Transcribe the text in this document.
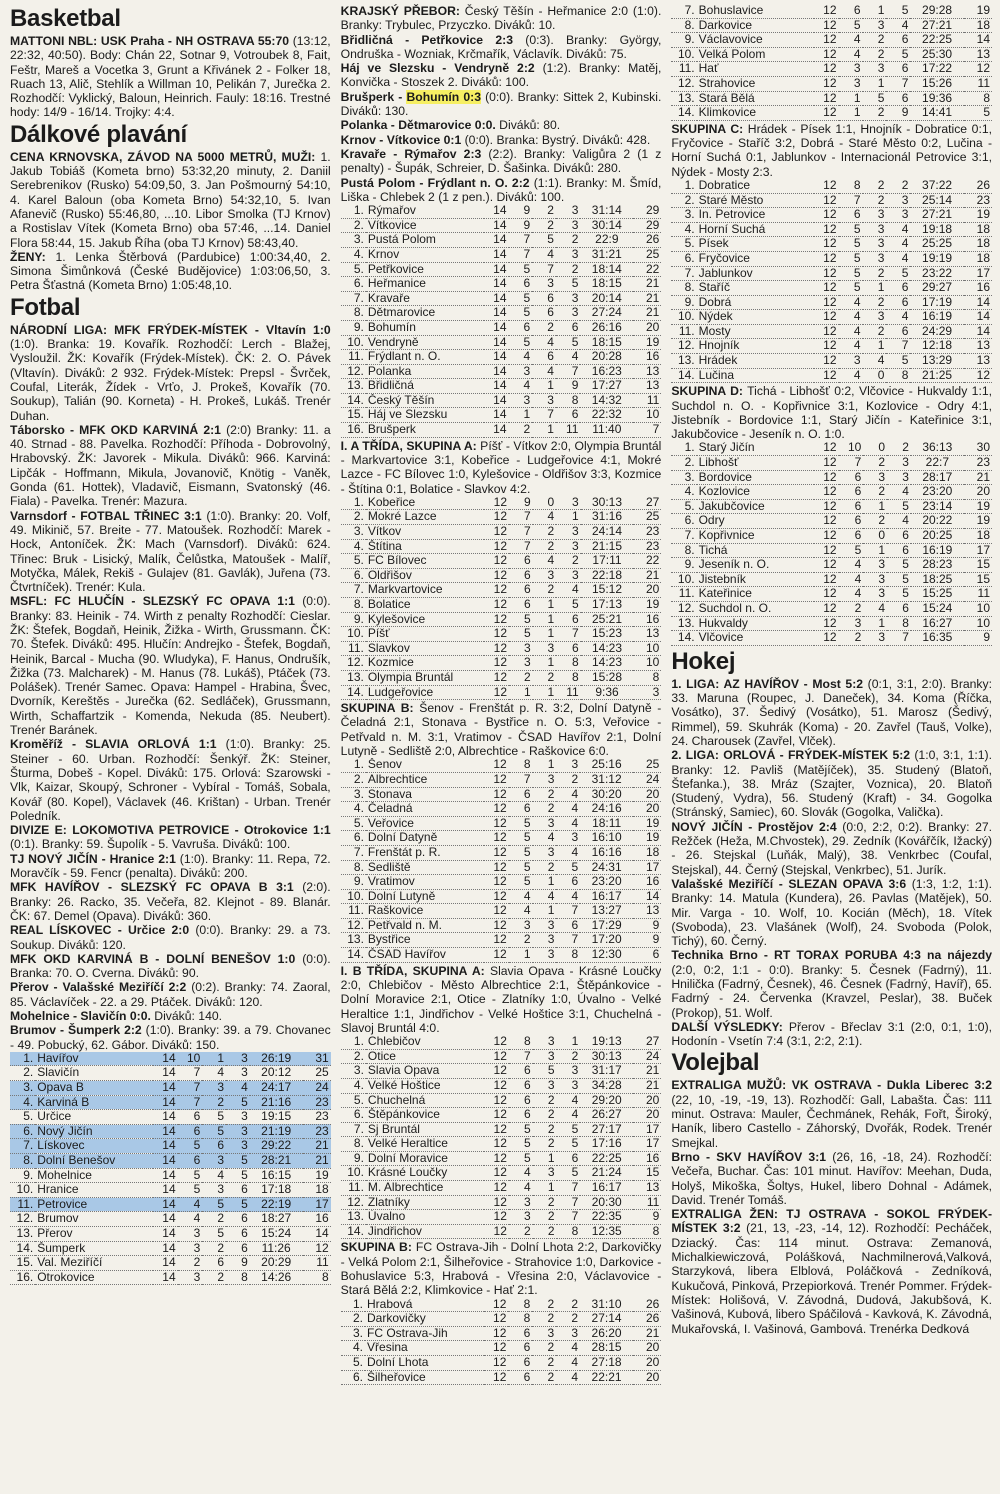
Basketbal

MATTONI NBL: USK Praha - NH OSTRAVA 55:70 (13:12, 22:32, 40:50). Body: Chán 22, Sotnar 9, Votroubek 8, Fait, Feštr, Mareš a Vocetka 3, Grunt a Křivánek 2 - Folker 18, Ruach 13, Alič, Stehlík a Willman 10, Pelikán 7, Jurečka 2. Rozhodčí: Vyklický, Baloun, Heinrich. Fauly: 18:16. Trestné hody: 14/9 - 16/14. Trojky: 4:4.

Dálkové plavání

CENA KRNOVSKA, ZÁVOD NA 5000 METRŮ, MUŽI: 1. Jakub Tobiáš (Kometa brno) 53:32,20 minuty, 2. Daniil Serebrenikov (Rusko) 54:09,50, 3. Jan Pošmourný 54:10, 4. Karel Baloun (oba Kometa Brno) 54:32,10, 5. Ivan Afanevič (Rusko) 55:46,80, ...10. Libor Smolka (TJ Krnov) a Rostislav Vítek (Kometa Brno) oba 57:46, ...14. Daniel Flora 58:44, 15. Jakub Říha (oba TJ Krnov) 58:43,40.

ŽENY: 1. Lenka Štěrbová (Pardubice) 1:00:34,40, 2. Simona Šimůnková (České Budějovice) 1:03:06,50, 3. Petra Šťastná (Kometa Brno) 1:05:48,10.

Fotbal

NÁRODNÍ LIGA: MFK FRÝDEK-MÍSTEK - Vltavín 1:0 (1:0). Branka: 19. Kovařík. Rozhodčí: Lerch - Blažej, Vysloužil. ŽK: Kovařík (Frýdek-Místek). ČK: 2. O. Pávek (Vltavín). Diváků: 2 932. Frýdek-Místek: Prepsl - Švrček, Coufal, Literák, Žídek - Vrťo, J. Prokeš, Kovařík (70. Soukup), Talián (90. Korneta) - H. Prokeš, Lukáš. Trenér Duhan.

Táborsko - MFK OKD KARVINÁ 2:1 (2:0) Branky: 11. a 40. Strnad - 88. Pavelka. Rozhodčí: Příhoda - Dobrovolný, Hrabovský. ŽK: Javorek - Mikula. Diváků: 966. Karviná: Lipčák - Hoffmann, Mikula, Jovanovič, Knötig - Vaněk, Gonda (61. Hottek), Vladavič, Eismann, Svatonský (46. Fiala) - Pavelka. Trenér: Mazura.

Varnsdorf - FOTBAL TŘINEC 3:1 (1:0). Branky: 20. Volf, 49. Mikinič, 57. Breite - 77. Matoušek. Rozhodčí: Marek - Hock, Antoníček. ŽK: Mach (Varnsdorf). Diváků: 624. Třinec: Bruk - Lisický, Malík, Čelůstka, Matoušek - Malíř, Motyčka, Málek, Rekiš - Gulajev (81. Gavlák), Juřena (73. Čtvrtníček). Trenér: Kula.

MSFL: FC HLUČÍN - SLEZSKÝ FC OPAVA 1:1 (0:0). Branky: 83. Heinik - 74. Wirth z penalty Rozhodčí: Cieslar. ŽK: Štefek, Bogdaň, Heinik, Žižka - Wirth, Grussmann. ČK: 70. Štefek. Diváků: 495. Hlučín: Andrejko - Štefek, Bogdaň, Heinik, Barcal - Mucha (90. Wludyka), F. Hanus, Ondrušík, Žižka (73. Malcharek) - M. Hanus (78. Lukáš), Ptáček (73. Polášek). Trenér Samec. Opava: Hampel - Hrabina, Švec, Dvorník, Kereštěs - Jurečka (62. Sedláček), Grussmann, Wirth, Schaffartzik - Komenda, Nekuda (85. Neubert). Trenér Baránek.

Kroměříž - SLAVIA ORLOVÁ 1:1 (1:0). Branky: 25. Steiner - 60. Urban. Rozhodčí: Šenkýř. ŽK: Steiner, Šturma, Dobeš - Kopel. Diváků: 175. Orlová: Szarowski - Vlk, Kaizar, Skoupý, Schroner - Vybíral - Tomáš, Sobala, Kovář (80. Kopel), Václavek (46. Krištan) - Urban. Trenér Poledník.

DIVIZE E: LOKOMOTIVA PETROVICE - Otrokovice 1:1 (0:1). Branky: 59. Šupolík - 5. Vavruša. Diváků: 100.

TJ NOVÝ JIČÍN - Hranice 2:1 (1:0). Branky: 11. Repa, 72. Moravčík - 59. Fencr (penalta). Diváků: 200.

MFK HAVÍŘOV - SLEZSKÝ FC OPAVA B 3:1 (2:0). Branky: 26. Racko, 35. Večeřa, 82. Klejnot - 89. Blanár. ČK: 67. Demel (Opava). Diváků: 360.

REAL LÍSKOVEC - Určice 2:0 (0:0). Branky: 29. a 73. Soukup. Diváků: 120.

MFK OKD KARVINÁ B - DOLNÍ BENEŠOV 1:0 (0:0). Branka: 70. O. Cverna. Diváků: 90.

Přerov - Valašské Meziříčí 2:2 (0:2). Branky: 74. Zaoral, 85. Václavíček - 22. a 29. Ptáček. Diváků: 120.

Mohelnice - Slavičín 0:0. Diváků: 140.

Brumov - Šumperk 2:2 (1:0). Branky: 39. a 79. Chovanec - 49. Pobucký, 62. Gábor. Diváků: 150.

1.	Havířov	14	10	1	3	26:19	31
2.	Slavičín	14	7	4	3	20:12	25
3.	Opava B	14	7	3	4	24:17	24
4.	Karviná B	14	7	2	5	21:16	23
5.	Určice	14	6	5	3	19:15	23
6.	Nový Jičín	14	6	5	3	21:19	23
7.	Lískovec	14	5	6	3	29:22	21
8.	Dolní Benešov	14	6	3	5	28:21	21
9.	Mohelnice	14	5	4	5	16:15	19
10.	Hranice	14	5	3	6	17:18	18
11.	Petrovice	14	4	5	5	22:19	17
12.	Brumov	14	4	2	6	18:27	16
13.	Přerov	14	3	5	6	15:24	14
14.	Šumperk	14	3	2	6	11:26	12
15.	Val. Meziříčí	14	2	6	9	20:29	11
16.	Otrokovice	14	3	2	8	14:26	8

KRAJSKÝ PŘEBOR: Český Těšín - Heřmanice 2:0 (1:0). Branky: Trybulec, Przyczko. Diváků: 10.

Břidličná - Petřkovice 2:3 (0:3). Branky: György, Ondruška - Wozniak, Krčmařík, Václavík. Diváků: 75.

Háj ve Slezsku - Vendryně 2:2 (1:2). Branky: Matěj, Konvička - Stoszek 2. Diváků: 100.

Brušperk - Bohumín 0:3 (0:0). Branky: Sittek 2, Kubinski. Diváků: 130.

Polanka - Dětmarovice 0:0. Diváků: 80.

Krnov - Vítkovice 0:1 (0:0). Branka: Bystrý. Diváků: 428.

Kravaře - Rýmařov 2:3 (2:2). Branky: Valigůra 2 (1 z penalty) - Šupák, Schreier, D. Šašinka. Diváků: 280.

Pustá Polom - Frýdlant n. O. 2:2 (1:1). Branky: M. Šmíd, Liška - Chlebek 2 (1 z pen.). Diváků: 100.

1.	Rýmařov	14	9	2	3	31:14	29
2.	Vítkovice	14	9	2	3	30:14	29
3.	Pustá Polom	14	7	5	2	22:9	26
4.	Krnov	14	7	4	3	31:21	25
5.	Petřkovice	14	5	7	2	18:14	22
6.	Heřmanice	14	6	3	5	18:15	21
7.	Kravaře	14	5	6	3	20:14	21
8.	Dětmarovice	14	5	6	3	27:24	21
9.	Bohumín	14	6	2	6	26:16	20
10.	Vendryně	14	5	4	5	18:15	19
11.	Frýdlant n. O.	14	4	6	4	20:28	16
12.	Polanka	14	3	4	7	16:23	13
13.	Břidličná	14	4	1	9	17:27	13
14.	Český Těšín	14	3	3	8	14:32	11
15.	Háj ve Slezsku	14	1	7	6	22:32	10
16.	Brušperk	14	2	1	11	11:40	7

I. A TŘÍDA, SKUPINA A: Píšť - Vítkov 2:0, Olympia Bruntál - Markvartovice 3:1, Kobeřice - Ludgeřovice 4:1, Mokré Lazce - FC Bílovec 1:0, Kylešovice - Oldřišov 3:3, Kozmice - Štítina 0:1, Bolatice - Slavkov 4:2.

1.	Kobeřice	12	9	0	3	30:13	27
2.	Mokré Lazce	12	7	4	1	31:16	25
3.	Vítkov	12	7	2	3	24:14	23
4.	Štítina	12	7	2	3	21:15	23
5.	FC Bílovec	12	6	4	2	17:11	22
6.	Oldřišov	12	6	3	3	22:18	21
7.	Markvartovice	12	6	2	4	15:12	20
8.	Bolatice	12	6	1	5	17:13	19
9.	Kylešovice	12	5	1	6	25:21	16
10.	Píšť	12	5	1	7	15:23	13
11.	Slavkov	12	3	3	6	14:23	10
12.	Kozmice	12	3	1	8	14:23	10
13.	Olympia Bruntál	12	2	2	8	15:28	8
14.	Ludgeřovice	12	1	1	11	9:36	3

SKUPINA B: Šenov - Frenštát p. R. 3:2, Dolní Datyně - Čeladná 2:1, Stonava - Bystřice n. O. 5:3, Veřovice - Petřvald n. M. 3:1, Vratimov - ČSAD Havířov 2:1, Dolní Lutyně - Sedliště 2:0, Albrechtice - Raškovice 6:0.

1.	Šenov	12	8	1	3	25:16	25
2.	Albrechtice	12	7	3	2	31:12	24
3.	Stonava	12	6	2	4	30:20	20
4.	Čeladná	12	6	2	4	24:16	20
5.	Veřovice	12	5	3	4	18:11	19
6.	Dolní Datyně	12	5	4	3	16:10	19
7.	Frenštát p. R.	12	5	3	4	16:16	18
8.	Sedliště	12	5	2	5	24:31	17
9.	Vratimov	12	5	1	6	23:20	16
10.	Dolní Lutyně	12	4	4	4	16:17	14
11.	Raškovice	12	4	1	7	13:27	13
12.	Petřvald n. M.	12	3	3	6	17:29	9
13.	Bystřice	12	2	3	7	17:20	9
14.	ČSAD Havířov	12	1	3	8	12:30	6

I. B TŘÍDA, SKUPINA A: Slavia Opava - Krásné Loučky 2:0, Chlebičov - Město Albrechtice 2:1, Štěpánkovice - Dolní Moravice 2:1, Otice - Zlatníky 1:0, Úvalno - Velké Heraltice 1:1, Jindřichov - Velké Hoštice 3:1, Chuchelná - Slavoj Bruntál 4:0.

1.	Chlebičov	12	8	3	1	19:13	27
2.	Otice	12	7	3	2	30:13	24
3.	Slavia Opava	12	6	5	3	31:17	21
4.	Velké Hoštice	12	6	3	3	34:28	21
5.	Chuchelná	12	6	2	4	29:20	20
6.	Štěpánkovice	12	6	2	4	26:27	20
7.	Sj Bruntál	12	5	2	5	27:17	17
8.	Velké Heraltice	12	5	2	5	17:16	17
9.	Dolní Moravice	12	5	1	6	22:25	16
10.	Krásné Loučky	12	4	3	5	21:24	15
11.	M. Albrechtice	12	4	1	7	16:17	13
12.	Zlatníky	12	3	2	7	20:30	11
13.	Úvalno	12	3	2	7	22:35	9
14.	Jindřichov	12	2	2	8	12:35	8

SKUPINA B: FC Ostrava-Jih - Dolní Lhota 2:2, Darkovičky - Velká Polom 2:1, Šilheřovice - Strahovice 1:0, Darkovice - Bohuslavice 5:3, Hrabová - Vřesina 2:0, Václavovice - Stará Bělá 2:2, Klimkovice - Hať 2:1.

1.	Hrabová	12	8	2	2	31:10	26
2.	Darkovičky	12	8	2	2	27:14	26
3.	FC Ostrava-Jih	12	6	3	3	26:20	21
4.	Vřesina	12	6	2	4	28:15	20
5.	Dolní Lhota	12	6	2	4	27:18	20
6.	Šilheřovice	12	6	2	4	22:21	20
7.	Bohuslavice	12	6	1	5	29:28	19
8.	Darkovice	12	5	3	4	27:21	18
9.	Václavovice	12	4	2	6	22:25	14
10.	Velká Polom	12	4	2	5	25:30	13
11.	Hať	12	3	3	6	17:22	12
12.	Strahovice	12	3	1	7	15:26	11
13.	Stará Bělá	12	1	5	6	19:36	8
14.	Klimkovice	12	1	2	9	14:41	5

SKUPINA C: Hrádek - Písek 1:1, Hnojník - Dobratice 0:1, Fryčovice - Staříč 3:2, Dobrá - Staré Město 0:2, Lučina - Horní Suchá 0:1, Jablunkov - Internacionál Petrovice 3:1, Nýdek - Mosty 2:3.

1.	Dobratice	12	8	2	2	37:22	26
2.	Staré Město	12	7	2	3	25:14	23
3.	In. Petrovice	12	6	3	3	27:21	19
4.	Horní Suchá	12	5	3	4	19:18	18
5.	Písek	12	5	3	4	25:25	18
6.	Fryčovice	12	5	3	4	19:19	18
7.	Jablunkov	12	5	2	5	23:22	17
8.	Staříč	12	5	1	6	29:27	16
9.	Dobrá	12	4	2	6	17:19	14
10.	Nýdek	12	4	3	4	16:19	14
11.	Mosty	12	4	2	6	24:29	14
12.	Hnojník	12	4	1	7	12:18	13
13.	Hrádek	12	3	4	5	13:29	13
14.	Lučina	12	4	0	8	21:25	12

SKUPINA D: Tichá - Libhošť 0:2, Vlčovice - Hukvaldy 1:1, Suchdol n. O. - Kopřivnice 3:1, Kozlovice - Odry 4:1, Jistebník - Bordovice 1:1, Starý Jičín - Kateřinice 3:1, Jakubčovice - Jeseník n. O. 1:0.

1.	Starý Jičín	12	10	0	2	36:13	30
2.	Libhošť	12	7	2	3	22:7	23
3.	Bordovice	12	6	3	3	28:17	21
4.	Kozlovice	12	6	2	4	23:20	20
5.	Jakubčovice	12	6	1	5	23:14	19
6.	Odry	12	6	2	4	20:22	19
7.	Kopřivnice	12	6	0	6	20:25	18
8.	Tichá	12	5	1	6	16:19	17
9.	Jeseník n. O.	12	4	3	5	28:23	15
10.	Jistebník	12	4	3	5	18:25	15
11.	Kateřinice	12	4	3	5	15:25	11
12.	Suchdol n. O.	12	2	4	6	15:24	10
13.	Hukvaldy	12	3	1	8	16:27	10
14.	Vlčovice	12	2	3	7	16:35	9
Hokej

1. LIGA: AZ HAVÍŘOV - Most 5:2 (0:1, 3:1, 2:0). Branky: 33. Maruna (Roupec, J. Daneček), 34. Koma (Říčka, Vosátko), 37. Šedivý (Vosátko), 51. Marosz (Šedivý, Rimmel), 59. Skuhrák (Koma) - 20. Zavřel (Tauš, Volke), 24. Charousek (Zavřel, Vlček).

2. LIGA: ORLOVÁ - FRÝDEK-MÍSTEK 5:2 (1:0, 3:1, 1:1). Branky: 12. Pavliš (Matějíček), 35. Studený (Blatoň, Štefanka.), 38. Mráz (Szajter, Voznica), 20. Blatoň (Studený, Vydra), 56. Studený (Kraft) - 34. Gogolka (Stránský, Samiec), 60. Slovák (Gogolka, Valička).

NOVÝ JIČÍN - Prostějov 2:4 (0:0, 2:2, 0:2). Branky: 27. Režček (Heža, M.Chvostek), 29. Zedník (Kovářčík, Ižacký) - 26. Stejskal (Luňák, Malý), 38. Venkrbec (Coufal, Stejskal), 44. Černý (Stejskal, Venkrbec), 51. Jurík.

Valašské Meziříčí - SLEZAN OPAVA 3:6 (1:3, 1:2, 1:1). Branky: 14. Matula (Kundera), 26. Pavlas (Matějek), 50. Mir. Varga - 10. Wolf, 10. Kocián (Měch), 18. Vítek (Svoboda), 23. Vlašánek (Wolf), 24. Svoboda (Polok, Tichý), 60. Černý.

Technika Brno - RT TORAX PORUBA 4:3 na nájezdy (2:0, 0:2, 1:1 - 0:0). Branky: 5. Česnek (Fadrný), 11. Hnilička (Fadrný, Česnek), 46. Česnek (Fadrný, Havíř), 65. Fadrný - 24. Červenka (Kravzel, Peslar), 38. Buček (Prokop), 51. Wolf.

DALŠÍ VÝSLEDKY: Přerov - Břeclav 3:1 (2:0, 0:1, 1:0), Hodonín - Vsetín 7:4 (3:1, 2:2, 2:1).

Volejbal

EXTRALIGA MUŽŮ: VK OSTRAVA - Dukla Liberec 3:2 (22, 10, -19, -19, 13). Rozhodčí: Gall, Labašta. Čas: 111 minut. Ostrava: Mauler, Čechmánek, Rehák, Fořt, Široký, Haník, libero Castello - Záhorský, Dvořák, Rodek. Trenér Smejkal.

Brno - SKV HAVÍŘOV 3:1 (26, 16, -18, 24). Rozhodčí: Večeřa, Buchar. Čas: 101 minut. Havířov: Meehan, Duda, Holyš, Mikoška, Šoltys, Hukel, libero Dohnal - Adámek, David. Trenér Tomáš.

EXTRALIGA ŽEN: TJ OSTRAVA - SOKOL FRÝDEK-MÍSTEK 3:2 (21, 13, -23, -14, 12). Rozhodčí: Pecháček, Dziacký. Čas: 114 minut. Ostrava: Zemanová, Michalkiewiczová, Polášková, Nachmilnerová,Valková, Starzyková, libera Elblová, Poláčková - Zedníková, Kukučová, Pinková, Przepiorková. Trenér Pommer. Frýdek-Místek: Holišová, V. Závodná, Dudová, Jakubšová, K. Vašinová, Kubová, libero Spáčilová - Kavková, K. Závodná, Mukařovská, I. Vašinová, Gambová. Trenérka Dedková
